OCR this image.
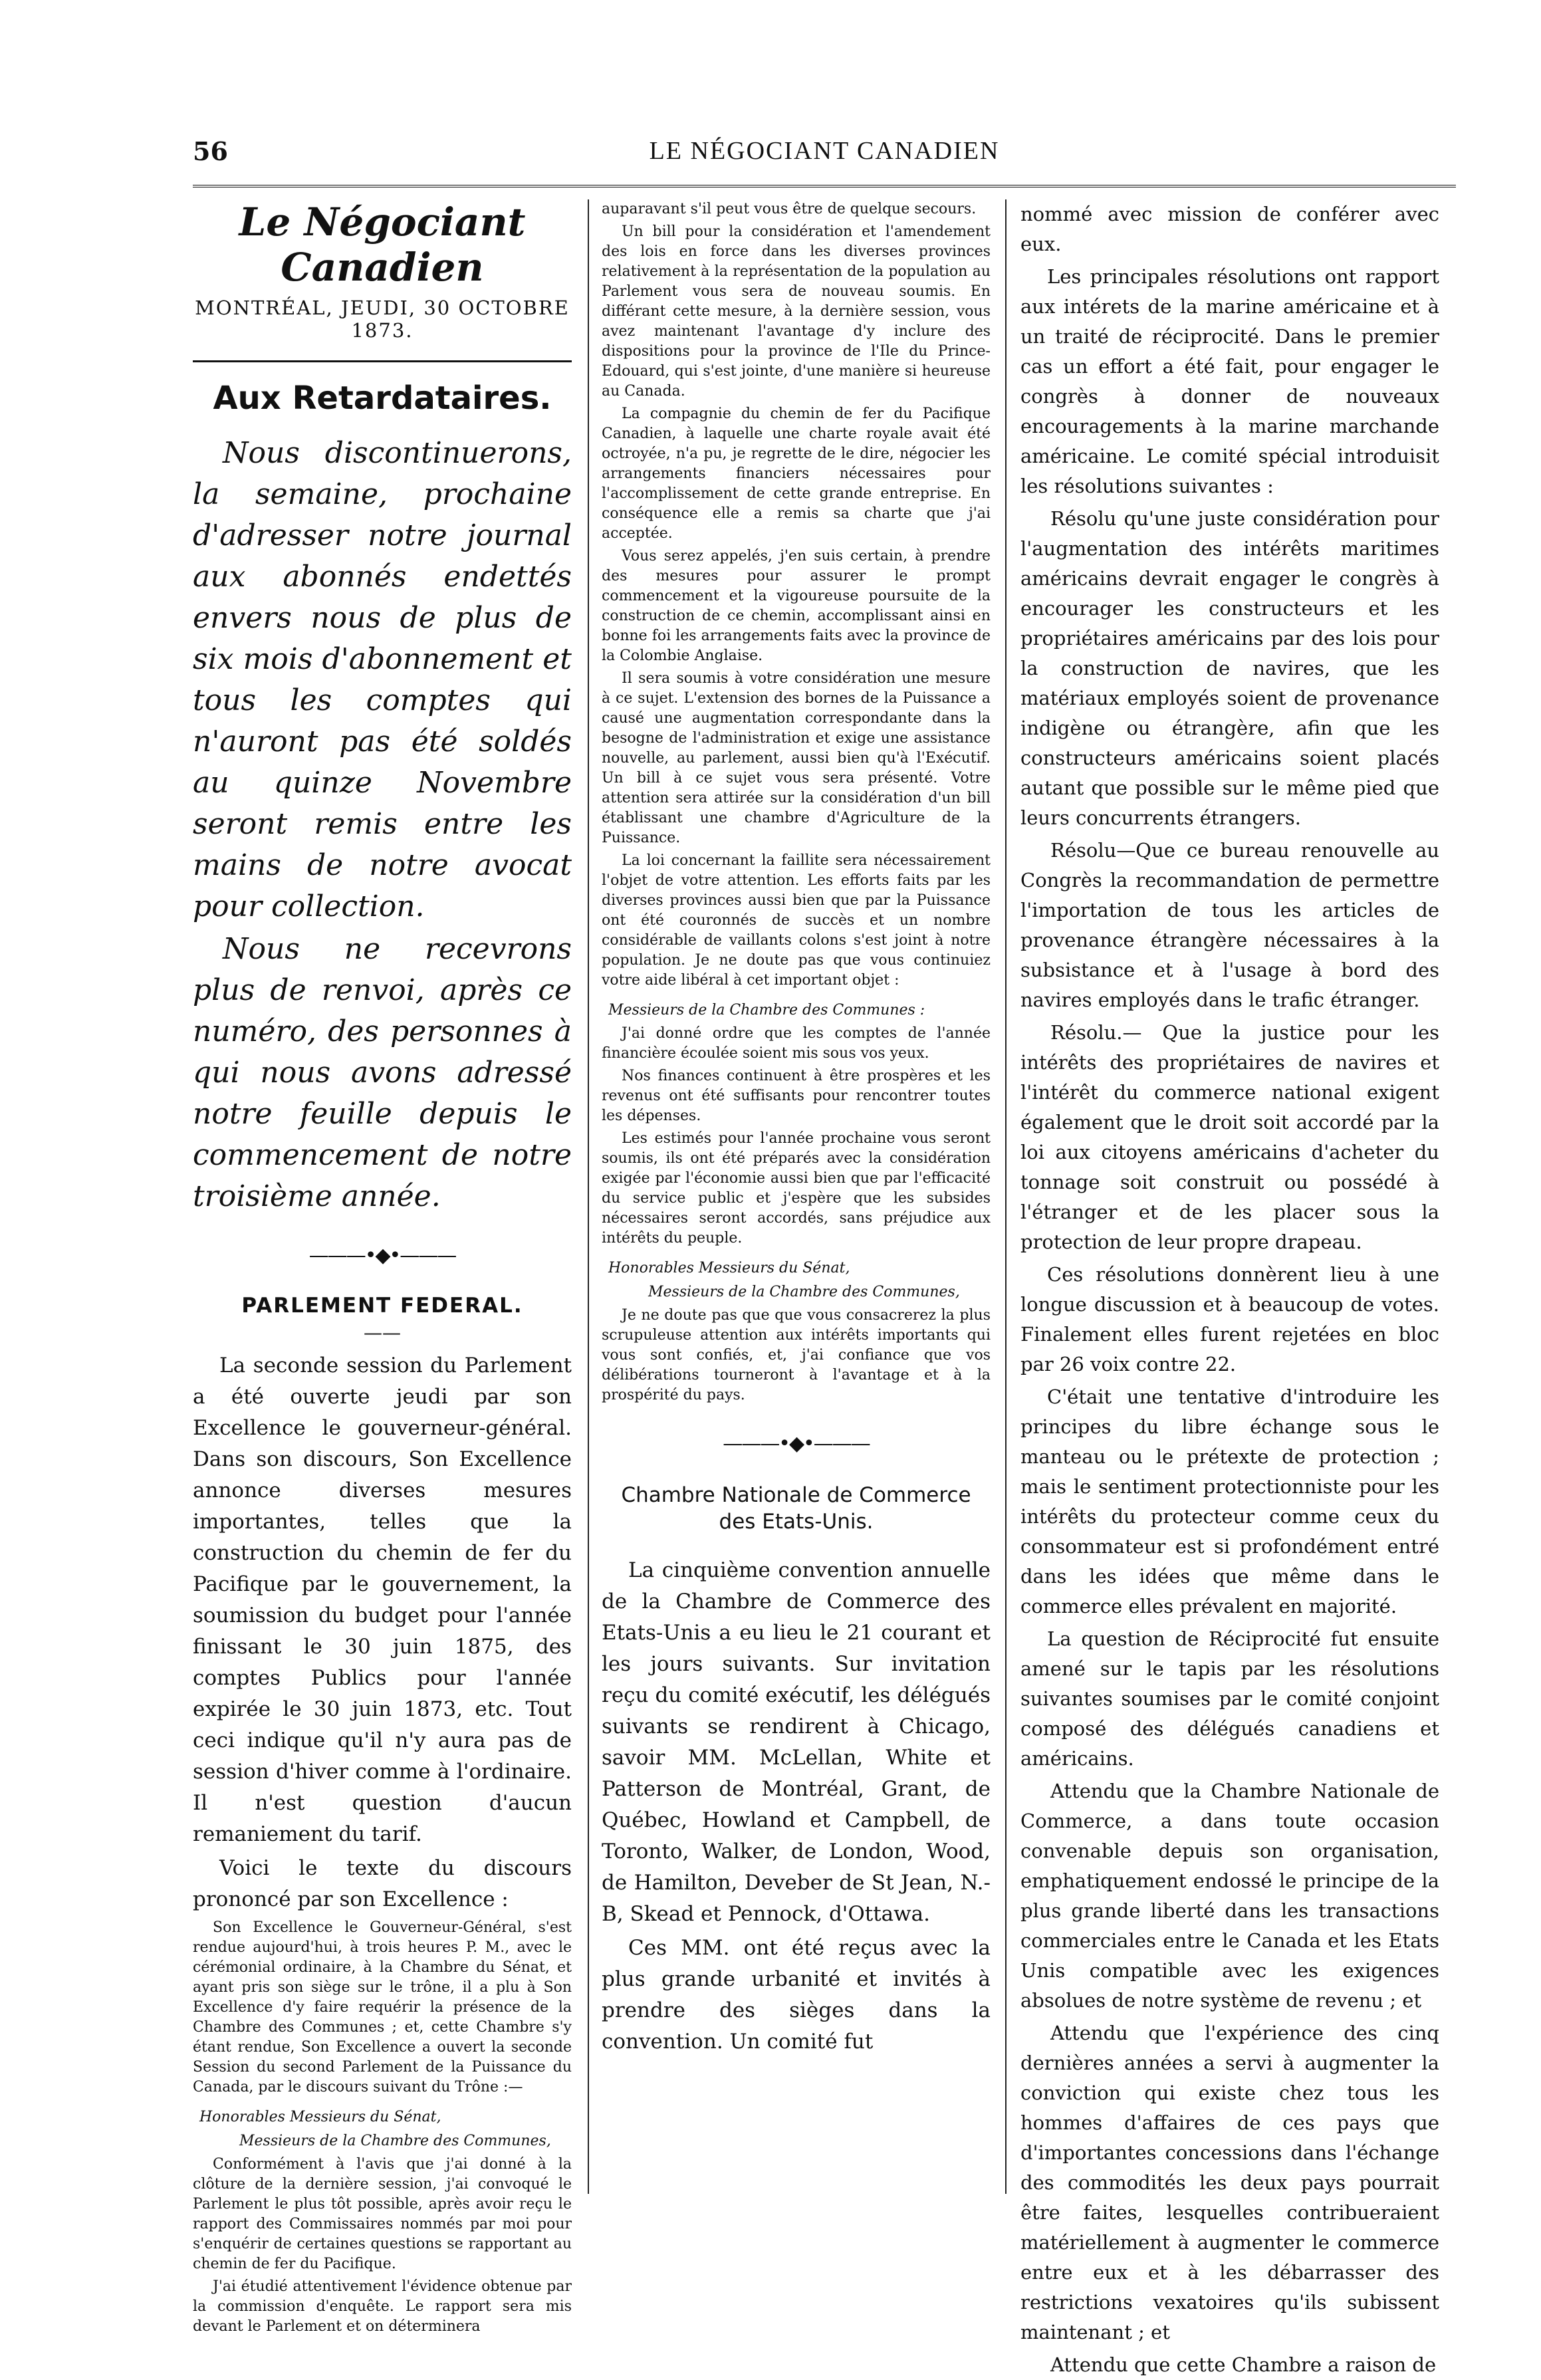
56	LE NÉGOCIANT CANADIEN
Le Négociant Canadien
MONTRÉAL, JEUDI, 30 OCTOBRE 1873.
Aux Retardataires.

Nous discontinuerons, la semaine, prochaine d'adresser notre journal aux abonnés endettés envers nous de plus de six mois d'abonnement et tous les comptes qui n'auront pas été soldés au quinze Novembre seront remis entre les mains de notre avocat pour collection.

Nous ne recevrons plus de renvoi, après ce numéro, des personnes à qui nous avons adressé notre feuille depuis le commencement de notre troisième année.

———•◆•———
PARLEMENT FEDERAL.
——

La seconde session du Parlement a été ouverte jeudi par son Excellence le gouverneur-général. Dans son discours, Son Excellence annonce diverses mesures importantes, telles que la construction du chemin de fer du Pacifique par le gouvernement, la soumission du budget pour l'année finissant le 30 juin 1875, des comptes Publics pour l'année expirée le 30 juin 1873, etc. Tout ceci indique qu'il n'y aura pas de session d'hiver comme à l'ordinaire. Il n'est question d'aucun remaniement du tarif.

Voici le texte du discours prononcé par son Excellence :

Son Excellence le Gouverneur-Général, s'est rendue aujourd'hui, à trois heures P. M., avec le cérémonial ordinaire, à la Chambre du Sénat, et ayant pris son siège sur le trône, il a plu à Son Excellence d'y faire requérir la présence de la Chambre des Communes ; et, cette Chambre s'y étant rendue, Son Excellence a ouvert la seconde Session du second Parlement de la Puissance du Canada, par le discours suivant du Trône :—

Honorables Messieurs du Sénat,

Messieurs de la Chambre des Communes,

Conformément à l'avis que j'ai donné à la clôture de la dernière session, j'ai convoqué le Parlement le plus tôt possible, après avoir reçu le rapport des Commissaires nommés par moi pour s'enquérir de certaines questions se rapportant au chemin de fer du Pacifique.

J'ai étudié attentivement l'évidence obtenue par la commission d'enquête. Le rapport sera mis devant le Parlement et on déterminera

auparavant s'il peut vous être de quelque secours.

Un bill pour la considération et l'amendement des lois en force dans les diverses provinces relativement à la représentation de la population au Parlement vous sera de nouveau soumis. En différant cette mesure, à la dernière session, vous avez maintenant l'avantage d'y inclure des dispositions pour la province de l'Ile du Prince-Edouard, qui s'est jointe, d'une manière si heureuse au Canada.

La compagnie du chemin de fer du Pacifique Canadien, à laquelle une charte royale avait été octroyée, n'a pu, je regrette de le dire, négocier les arrangements financiers nécessaires pour l'accomplissement de cette grande entreprise. En conséquence elle a remis sa charte que j'ai acceptée.

Vous serez appelés, j'en suis certain, à prendre des mesures pour assurer le prompt commencement et la vigoureuse poursuite de la construction de ce chemin, accomplissant ainsi en bonne foi les arrangements faits avec la province de la Colombie Anglaise.

Il sera soumis à votre considération une mesure à ce sujet. L'extension des bornes de la Puissance a causé une augmentation correspondante dans la besogne de l'administration et exige une assistance nouvelle, au parlement, aussi bien qu'à l'Exécutif. Un bill à ce sujet vous sera présenté. Votre attention sera attirée sur la considération d'un bill établissant une chambre d'Agriculture de la Puissance.

La loi concernant la faillite sera nécessairement l'objet de votre attention. Les efforts faits par les diverses provinces aussi bien que par la Puissance ont été couronnés de succès et un nombre considérable de vaillants colons s'est joint à notre population. Je ne doute pas que vous continuiez votre aide libéral à cet important objet :

Messieurs de la Chambre des Communes :

J'ai donné ordre que les comptes de l'année financière écoulée soient mis sous vos yeux.

Nos finances continuent à être prospères et les revenus ont été suffisants pour rencontrer toutes les dépenses.

Les estimés pour l'année prochaine vous seront soumis, ils ont été préparés avec la considération exigée par l'économie aussi bien que par l'efficacité du service public et j'espère que les subsides nécessaires seront accordés, sans préjudice aux intérêts du peuple.

Honorables Messieurs du Sénat,

Messieurs de la Chambre des Communes,

Je ne doute pas que que vous consacrerez la plus scrupuleuse attention aux intérêts importants qui vous sont confiés, et, j'ai confiance que vos délibérations tourneront à l'avantage et à la prospérité du pays.

———•◆•———
Chambre Nationale de Commerce des Etats-Unis.

La cinquième convention annuelle de la Chambre de Commerce des Etats-Unis a eu lieu le 21 courant et les jours suivants. Sur invitation reçu du comité exécutif, les délégués suivants se rendirent à Chicago, savoir MM. McLellan, White et Patterson de Montréal, Grant, de Québec, Howland et Campbell, de Toronto, Walker, de London, Wood, de Hamilton, Deveber de St Jean, N.-B, Skead et Pennock, d'Ottawa.

Ces MM. ont été reçus avec la plus grande urbanité et invités à prendre des sièges dans la convention. Un comité fut

nommé avec mission de conférer avec eux.

Les principales résolutions ont rapport aux intérets de la marine américaine et à un traité de réciprocité. Dans le premier cas un effort a été fait, pour engager le congrès à donner de nouveaux encouragements à la marine marchande américaine. Le comité spécial introduisit les résolutions suivantes :

Résolu qu'une juste considération pour l'augmentation des intérêts maritimes américains devrait engager le congrès à encourager les constructeurs et les propriétaires américains par des lois pour la construction de navires, que les matériaux employés soient de provenance indigène ou étrangère, afin que les constructeurs américains soient placés autant que possible sur le même pied que leurs concurrents étrangers.

Résolu—Que ce bureau renouvelle au Congrès la recommandation de permettre l'importation de tous les articles de provenance étrangère nécessaires à la subsistance et à l'usage à bord des navires employés dans le trafic étranger.

Résolu.— Que la justice pour les intérêts des propriétaires de navires et l'intérêt du commerce national exigent également que le droit soit accordé par la loi aux citoyens américains d'acheter du tonnage soit construit ou possédé à l'étranger et de les placer sous la protection de leur propre drapeau.

Ces résolutions donnèrent lieu à une longue discussion et à beaucoup de votes. Finalement elles furent rejetées en bloc par 26 voix contre 22.

C'était une tentative d'introduire les principes du libre échange sous le manteau ou le prétexte de protection ; mais le sentiment protectionniste pour les intérêts du protecteur comme ceux du consommateur est si profondément entré dans les idées que même dans le commerce elles prévalent en majorité.

La question de Réciprocité fut ensuite amené sur le tapis par les résolutions suivantes soumises par le comité conjoint composé des délégués canadiens et américains.

Attendu que la Chambre Nationale de Commerce, a dans toute occasion convenable depuis son organisation, emphatiquement endossé le principe de la plus grande liberté dans les transactions commerciales entre le Canada et les Etats Unis compatible avec les exigences absolues de notre système de revenu ; et

Attendu que l'expérience des cinq dernières années a servi à augmenter la conviction qui existe chez tous les hommes d'affaires de ces pays que d'importantes concessions dans l'échange des commodités les deux pays pourrait être faites, lesquelles contribueraient matériellement à augmenter le commerce entre eux et à les débarrasser des restrictions vexatoires qu'ils subissent maintenant ; et

Attendu que cette Chambre a raison de
